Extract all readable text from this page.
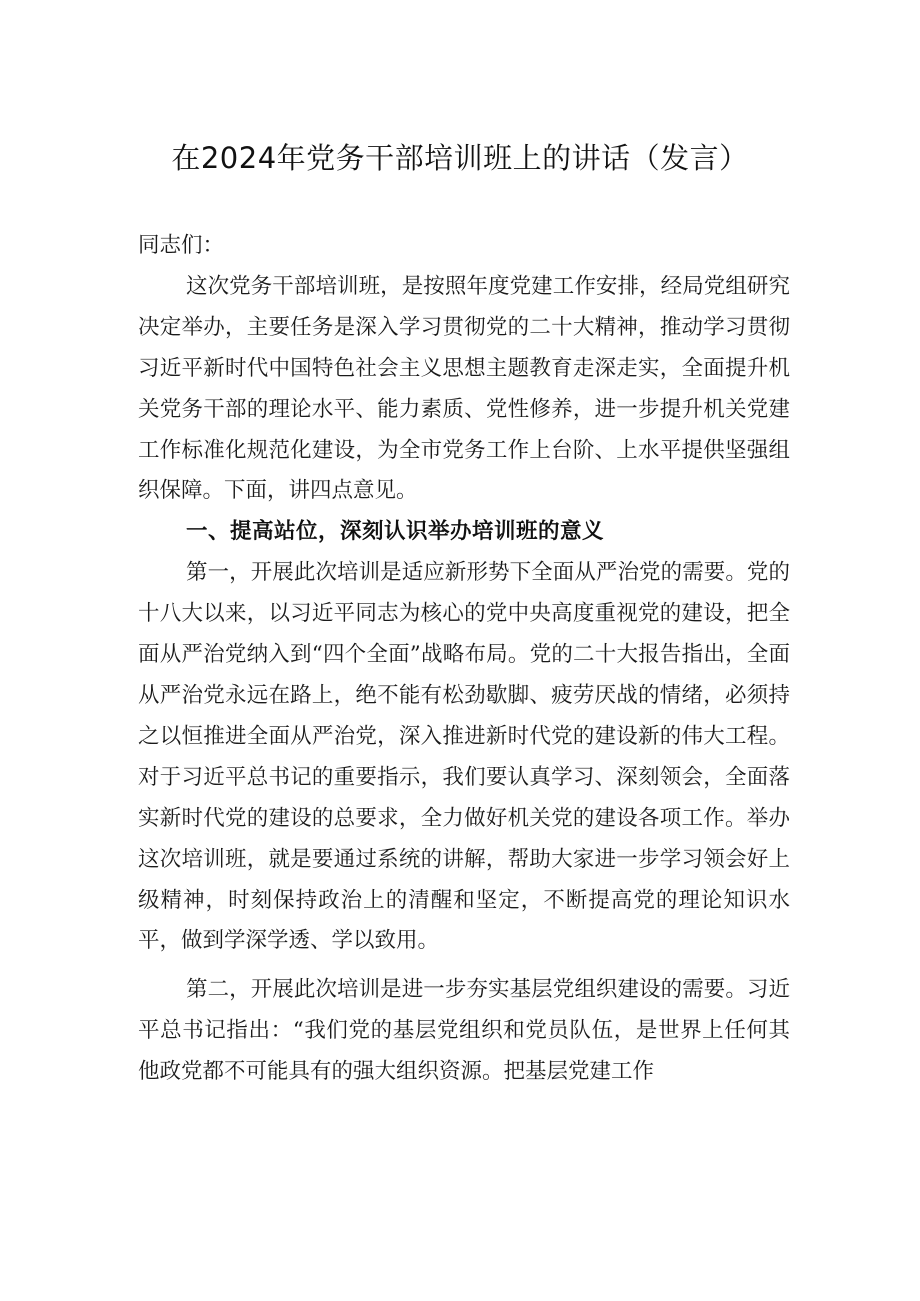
在2024年党务干部培训班上的讲话（发言）

同志们：

这次党务干部培训班，是按照年度党建工作安排，经局党组研究决定举办，主要任务是深入学习贯彻党的二十大精神，推动学习贯彻习近平新时代中国特色社会主义思想主题教育走深走实，全面提升机关党务干部的理论水平、能力素质、党性修养，进一步提升机关党建工作标准化规范化建设，为全市党务工作上台阶、上水平提供坚强组织保障。下面，讲四点意见。

一、提高站位，深刻认识举办培训班的意义

第一，开展此次培训是适应新形势下全面从严治党的需要。党的十八大以来，以习近平同志为核心的党中央高度重视党的建设，把全面从严治党纳入到“四个全面”战略布局。党的二十大报告指出，全面从严治党永远在路上，绝不能有松劲歇脚、疲劳厌战的情绪，必须持之以恒推进全面从严治党，深入推进新时代党的建设新的伟大工程。对于习近平总书记的重要指示，我们要认真学习、深刻领会，全面落实新时代党的建设的总要求，全力做好机关党的建设各项工作。举办这次培训班，就是要通过系统的讲解，帮助大家进一步学习领会好上级精神，时刻保持政治上的清醒和坚定，不断提高党的理论知识水平，做到学深学透、学以致用。

第二，开展此次培训是进一步夯实基层党组织建设的需要。习近平总书记指出：“我们党的基层党组织和党员队伍，是世界上任何其他政党都不可能具有的强大组织资源。把基层党建工作
